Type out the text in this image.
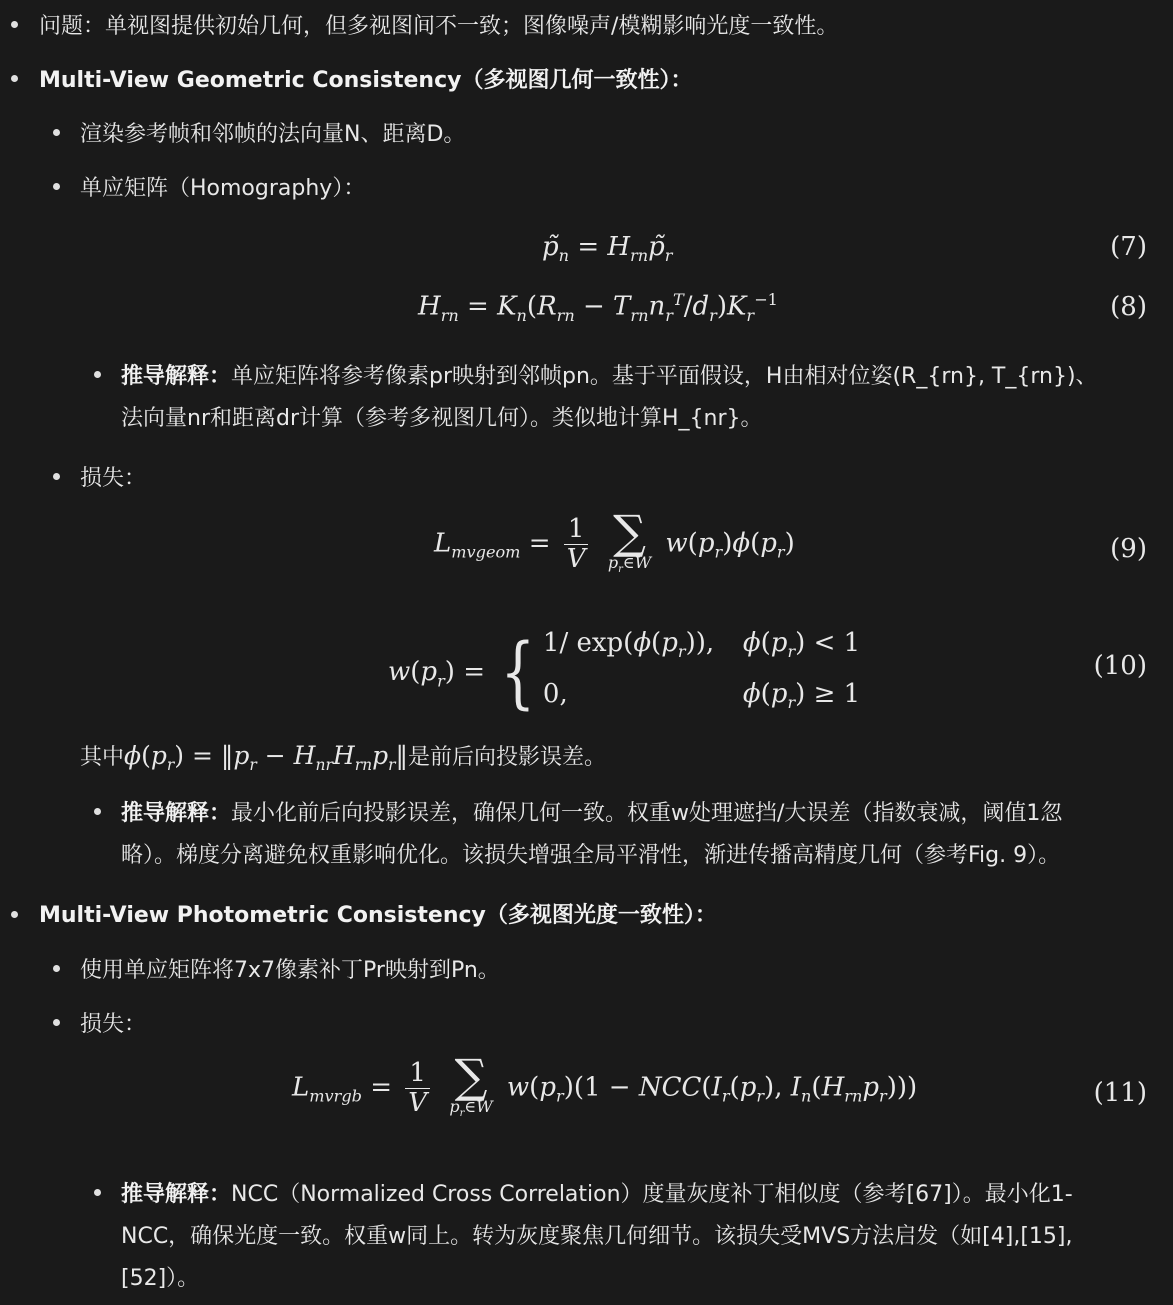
问题：单视图提供初始几何，但多视图间不一致；图像噪声/模糊影响光度一致性。
Multi-View Geometric Consistency（多视图几何一致性）：
渲染参考帧和邻帧的法向量N、距离D。
单应矩阵（Homography）：
$p̃_n$ = $H_{rn}p̃_r$	(7)
$H_{rn} = K_n(R_{rn} - T_{rn}n_r^T/d_r)K_r^{-1}$	(8)
推导解释：单应矩阵将参考像素pr映射到邻帧pn。基于平面假设，H由相对位姿(R_{rn}, T_{rn})、
法向量nr和距离dr计算（参考多视图几何）。类似地计算H_{nr}。
损失：
$L_{mvgeom} = \frac{1}{V}$
∑
$p_r\in W$
$w(p_r)\phi(p_r)$	(9)
$w(p_r)$ = { 1/ $\exp(\phi(p_r))$,	$\phi(p_r) < 1$
0,	$\phi(p_r) \ge 1$
(10)
其中$\phi(p_r)$ = $‖p_r$ − $H_{nr}H_{rn}p_r‖$是前后向投影误差。
推导解释：最小化前后向投影误差，确保几何一致。权重w处理遮挡/大误差（指数衰减，阈值1忽
略）。梯度分离避免权重影响优化。该损失增强全局平滑性，渐进传播高精度几何（参考Fig. 9）。
Multi-View Photometric Consistency（多视图光度一致性）：
使用单应矩阵将7x7像素补丁Pr映射到Pn。
损失：
$L_{mvrgb} = \frac{1}{V}$
∑
$p_r\in W$
$w(p_r)(1 - NCC(I_r(p_r)$, $I_n(H_{rn}p_r)$))	(11)
推导解释：NCC（Normalized Cross Correlation）度量灰度补丁相似度（参考[67]）。最小化1-
NCC，确保光度一致。权重w同上。转为灰度聚焦几何细节。该损失受MVS方法启发（如[4],[15],
[52]）。
